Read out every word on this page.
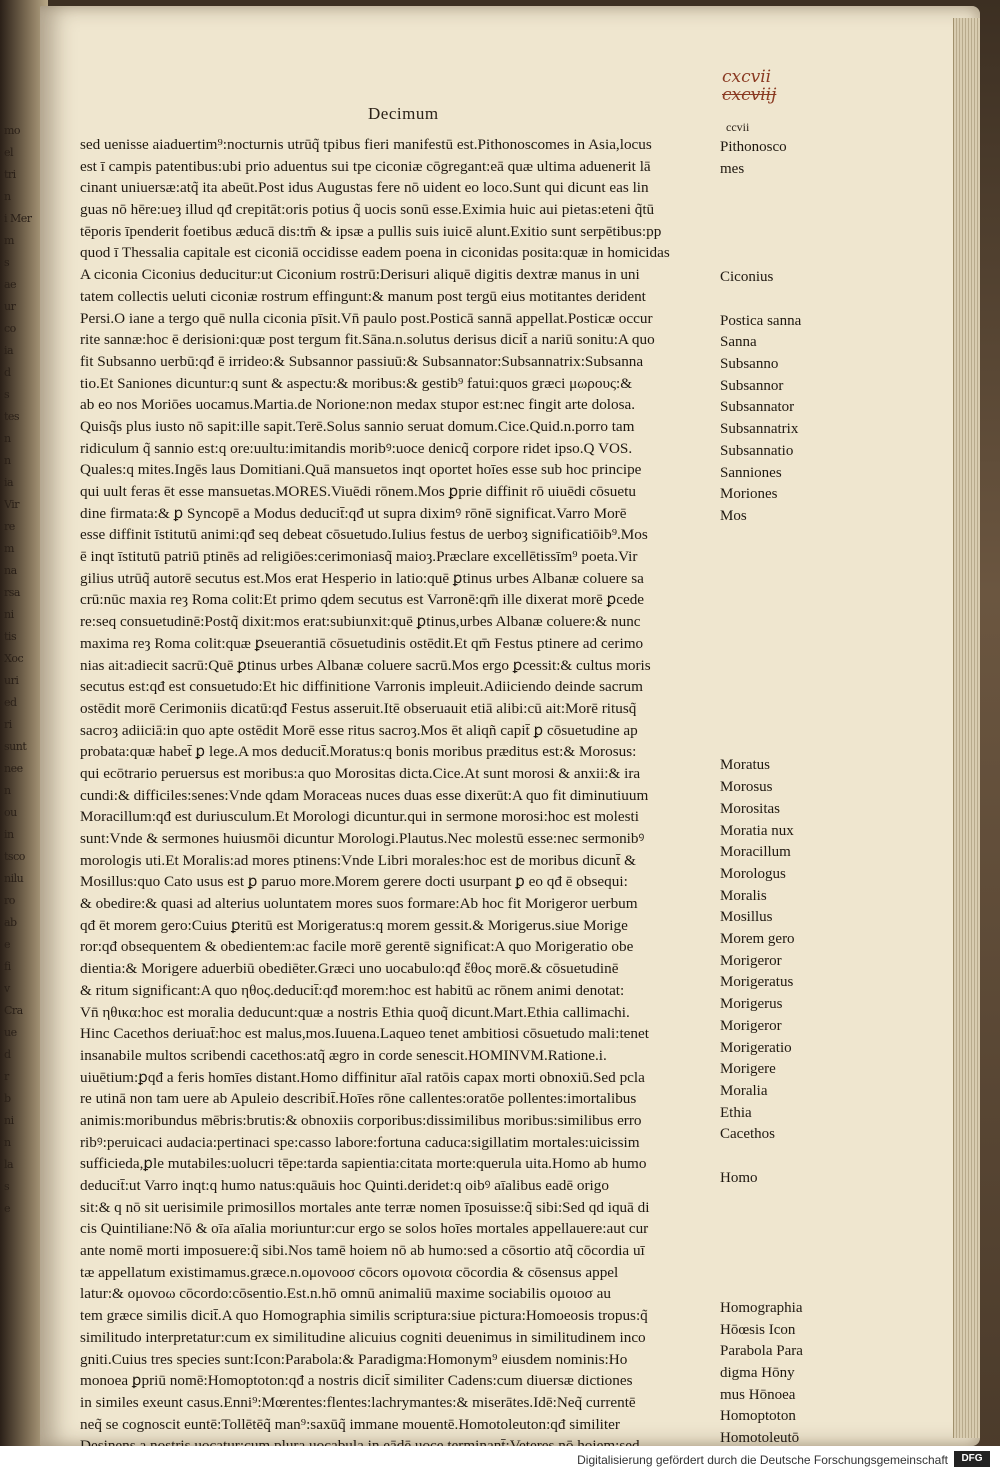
mo
el
tri
n
i Mer
m
s
ae
ur
co
ia
d
s
tes
n
n
ia
Vir
re
m
na
rsa
ni
tis
Xoc
uri
ed
ri
sunt
nee
n
ou
in
tsco
nilu
ro
ab
e
fi
v
Cra
ue
d
r
b
ni
n
la
s
e
Decimum
cxcvii
cxcviij
ccvii
sed uenisse aiaduertim⁹:nocturnis utrūq̃ tpibus fieri manifestū est.Pithonoscomes in Asia,locus
est ī campis patentibus:ubi prio aduentus sui tpe ciconiæ cōgregant:eā quæ ultima aduenerit lā
cinant uniuersæ:atq̃ ita abeūt.Post idus Augustas fere nō uident eo loco.Sunt qui dicunt eas lin
guas nō hēre:ueȝ illud qđ crepitāt:oris potius q̃ uocis sonū esse.Eximia huic aui pietas:eteni q̃tū
tēporis īpenderit foetibus æducā dis:tm̄ & ipsæ a pullis suis iuicē alunt.Exitio sunt serpētibus:pp
quod ī Thessalia capitale est ciconiā occidisse eadem poena in ciconidas posita:quæ in homicidas
A ciconia Ciconius deducitur:ut Ciconium rostrū:Derisuri aliquē digitis dextræ manus in uni
tatem collectis ueluti ciconiæ rostrum effingunt:& manum post tergū eius motitantes derident
Persi.O iane a tergo quē nulla ciconia pīsit.Vn̄ paulo post.Posticā sannā appellat.Posticæ occur
rite sannæ:hoc ē derisioni:quæ post tergum fit.Sāna.n.solutus derisus dicit̄ a nariū sonitu:A quo
fit Subsanno uerbū:qđ ē irrideo:& Subsannor passiuū:& Subsannator:Subsannatrix:Subsanna
tio.Et Saniones dicuntur:q sunt & aspectu:& moribus:& gestib⁹ fatui:quos græci μωρους:&
ab eo nos Moriōes uocamus.Martia.de Norione:non medax stupor est:nec fingit arte dolosa.
Quisq̃s plus iusto nō sapit:ille sapit.Terē.Solus sannio seruat domum.Cice.Quid.n.porro tam
ridiculum q̃ sannio est:q ore:uultu:imitandis moribꝰ:uoce denicq̃ corpore ridet ipso.Q VOS.
Quales:q mites.Ingēs laus Domitiani.Quā mansuetos inqt oportet hoīes esse sub hoc principe
qui uult feras ēt esse mansuetas.MORES.Viuēdi rōnem.Mos ꝑprie diffinit rō uiuēdi cōsuetu
dine firmata:& ꝑ Syncopē a Modus deducit̄:qđ ut supra diximꝰ rōnē significat.Varro Morē
esse diffinit īstitutū animi:qđ seq debeat cōsuetudo.Iulius festus de uerboȝ significatiōib⁹.Mos
ē inqt īstitutū patriū ptinēs ad religiōes:cerimoniasq̃ maioȝ.Præclare excellētissīm⁹ poeta.Vir
gilius utrūq̃ autorē secutus est.Mos erat Hesperio in latio:quē ꝑtinus urbes Albanæ coluere sa
crū:nūc maxia reȝ Roma colit:Et primo qdem secutus est Varronē:qm̄ ille dixerat morē ꝑcede
re:seq consuetudinē:Postq̃ dixit:mos erat:subiunxit:quē ꝑtinus,urbes Albanæ coluere:& nunc
maxima reȝ Roma colit:quæ ꝑseuerantiā cōsuetudinis ostēdit.Et qm̄ Festus ptinere ad cerimo
nias ait:adiecit sacrū:Quē ꝑtinus urbes Albanæ coluere sacrū.Mos ergo ꝑcessit:& cultus moris
secutus est:qđ est consuetudo:Et hic diffinitione Varronis impleuit.Adiiciendo deinde sacrum
ostēdit morē Cerimoniis dicatū:qđ Festus asseruit.Itē obseruauit etiā alibi:cū ait:Morē ritusq̃
sacroȝ adiiciā:in quo apte ostēdit Morē esse ritus sacroȝ.Mos ēt aliqñ capit̄ ꝑ cōsuetudine ap
probata:quæ habet̄ ꝑ lege.A mos deducit̄.Moratus:q bonis moribus præditus est:& Morosus:
qui ecōtrario peruersus est moribus:a quo Morositas dicta.Cice.At sunt morosi & anxii:& ira
cundi:& difficiles:senes:Vnde qdam Moraceas nuces duas esse dixerūt:A quo fit diminutiuum
Moracillum:qđ est duriusculum.Et Morologi dicuntur.qui in sermone morosi:hoc est molesti
sunt:Vnde & sermones huiusmōi dicuntur Morologi.Plautus.Nec molestū esse:nec sermonibꝰ
morologis uti.Et Moralis:ad mores ptinens:Vnde Libri morales:hoc est de moribus dicunt̄ &
Mosillus:quo Cato usus est ꝑ paruo more.Morem gerere docti usurpant ꝑ eo qđ ē obsequi:
& obedire:& quasi ad alterius uoluntatem mores suos formare:Ab hoc fit Morigeror uerbum
qđ ēt morem gero:Cuius ꝑteritū est Morigeratus:q morem gessit.& Morigerus.siue Morige
ror:qđ obsequentem & obedientem:ac facile morē gerentē significat:A quo Morigeratio obe
dientia:& Morigere aduerbiū obediēter.Græci uno uocabulo:qđ ἔθος morē.& cōsuetudinē
& ritum significant:A quo ηθος.deducit̄:qđ morem:hoc est habitū ac rōnem animi denotat:
Vn̄ ηθικα:hoc est moralia deducunt:quæ a nostris Ethia quoq̃ dicunt.Mart.Ethia callimachi.
Hinc Cacethos deriuat̄:hoc est malus,mos.Iuuena.Laqueo tenet ambitiosi cōsuetudo mali:tenet
insanabile multos scribendi cacethos:atq̃ ægro in corde senescit.HOMINVM.Ratione.i.
uiuētium:ꝑqđ a feris homīes distant.Homo diffinitur aīal ratōis capax morti obnoxiū.Sed pcla
re utinā non tam uere ab Apuleio describit̄.Hoīes rōne callentes:oratōe pollentes:imortalibus
animis:moribundus mēbris:brutis:& obnoxiis corporibus:dissimilibus moribus:similibus erro
ribꝰ:peruicaci audacia:pertinaci spe:casso labore:fortuna caduca:sigillatim mortales:uicissim
sufficieda,ꝑle mutabiles:uolucri tēpe:tarda sapientia:citata morte:querula uita.Homo ab humo
deducit̄:ut Varro inqt:q humo natus:quāuis hoc Quinti.deridet:q oibꝰ aīalibus eadē origo
sit:& q nō sit uerisimile primosillos mortales ante terræ nomen īposuisse:q̃ sibi:Sed qd iquā di
cis Quintiliane:Nō & oīa aīalia moriuntur:cur ergo se solos hoīes mortales appellauere:aut cur
ante nomē morti imposuere:q̃ sibi.Nos tamē hoiem nō ab humo:sed a cōsortio atq̃ cōcordia uī
tæ appellatum existimamus.græce.n.ομονοοσ cōcors ομονοια cōcordia & cōsensus appel
latur:& ομονοω cōcordo:cōsentio.Est.n.hō omnū animaliū maxime sociabilis ομοιοσ au
tem græce similis dicit̄.A quo Homographia similis scriptura:siue pictura:Homoeosis tropus:q̃
similitudo interpretatur:cum ex similitudine alicuius cogniti deuenimus in similitudinem inco
gniti.Cuius tres species sunt:Icon:Parabola:& Paradigma:Homonym⁹ eiusdem nominis:Ho
monoea ꝑpriū nomē:Homoptoton:qđ a nostris dicit̄ similiter Cadens:cum diuersæ dictiones
in similes exeunt casus.Enni⁹:Mœrentes:flentes:lachrymantes:& miserātes.Idē:Neq̃ currentē
neq̃ se cognoscit euntē:Tollētēq̃ man⁹:saxūq̃ immane mouentē.Homotoleuton:qđ similiter
Pithonosco
mes
Ciconius
Postica sanna
Sanna
Subsanno
Subsannor
Subsannator
Subsannatrix
Subsannatio
Sanniones
Moriones
Mos
Moratus
Morosus
Morositas
Moratia nux
Moracillum
Morologus
Moralis
Mosillus
Morem gero
Morigeror
Morigeratus
Morigerus
Morigeror
Morigeratio
Morigere
Moralia
Ethia
Cacethos
Homo
Homographia
Hōœsis Icon
Parabola Para
digma Hōny
mus Hōnoea
Homoptoton
Homotoleutō
Digitalisierung gefördert durch die Deutsche Forschungsgemeinschaft	DFG
